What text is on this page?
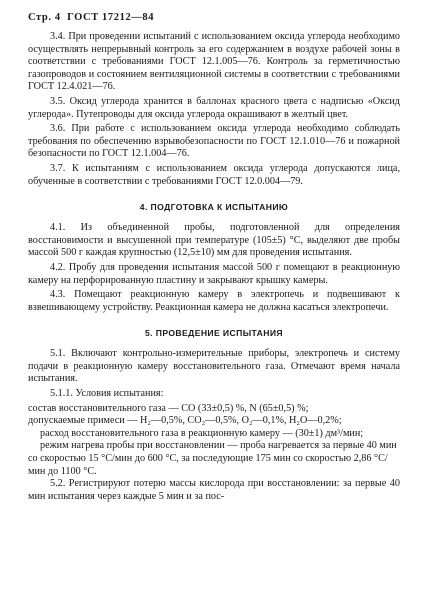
Стр. 4 ГОСТ 17212—84

3.4. При проведении испытаний с использованием оксида углерода необходимо осуществлять непрерывный контроль за его содержанием в воздухе рабочей зоны в соответствии с требованиями ГОСТ 12.1.005—76. Контроль за герметичностью газопроводов и состоянием вентиляционной системы в соответствии с требованиями ГОСТ 12.4.021—76.

3.5. Оксид углерода хранится в баллонах красного цвета с надписью «Оксид углерода». Путепроводы для оксида углерода окрашивают в желтый цвет.

3.6. При работе с использованием оксида углерода необходимо соблюдать требования по обеспечению взрывобезопасности по ГОСТ 12.1.010—76 и пожарной безопасности по ГОСТ 12.1.004—76.

3.7. К испытаниям с использованием оксида углерода допускаются лица, обученные в соответствии с требованиями ГОСТ 12.0.004—79.

4. ПОДГОТОВКА К ИСПЫТАНИЮ

4.1. Из объединенной пробы, подготовленной для определения восстановимости и высушенной при температуре (105±5) °С, выделяют две пробы массой 500 г каждая крупностью (12,5±10) мм для проведения испытания.

4.2. Пробу для проведения испытания массой 500 г помещают в реакционную камеру на перфорированную пластину и закрывают крышку камеры.

4.3. Помещают реакционную камеру в электропечь и подвешивают к взвешивающему устройству. Реакционная камера не должна касаться электропечи.

5. ПРОВЕДЕНИЕ ИСПЫТАНИЯ

5.1. Включают контрольно-измерительные приборы, электропечь и систему подачи в реакционную камеру восстановительного газа. Отмечают время начала испытания.

5.1.1. Условия испытания:

состав восстановительного газа — СО (33±0,5) %, N (65±0,5) %;

допускаемые примеси — H₂—0,5%, CO₂—0,5%, O₂—0,1%, H₂O—0,2%;

расход восстановительного газа в реакционную камеру — (30±1) дм³/мин;

режим нагрева пробы при восстановлении — проба нагревается за первые 40 мин со скоростью 15 °С/мин до 600 °С, за последующие 175 мин со скоростью 2,86 °С/мин до 1100 °С.

5.2. Регистрируют потерю массы кислорода при восстановлении: за первые 40 мин испытания через каждые 5 мин и за пос-
